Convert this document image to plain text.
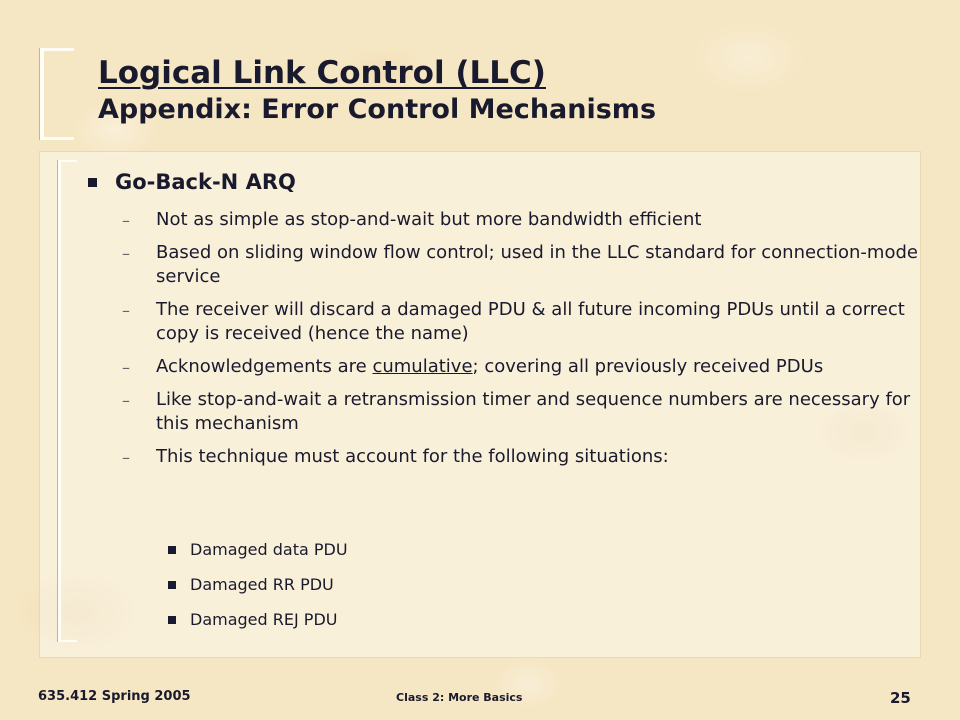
Logical Link Control (LLC)
Appendix: Error Control Mechanisms
Go-Back-N ARQ
–	Not as simple as stop-and-wait but more bandwidth efficient
–	Based on sliding window flow control; used in the LLC standard for connection-mode service
–	The receiver will discard a damaged PDU & all future incoming PDUs until a correct copy is received (hence the name)
–	Acknowledgements are cumulative; covering all previously received PDUs
–	Like stop-and-wait a retransmission timer and sequence numbers are necessary for this mechanism
–	This technique must account for the following situations:
Damaged data PDU
Damaged RR PDU
Damaged REJ PDU
635.412 Spring 2005	Class 2: More Basics	25
